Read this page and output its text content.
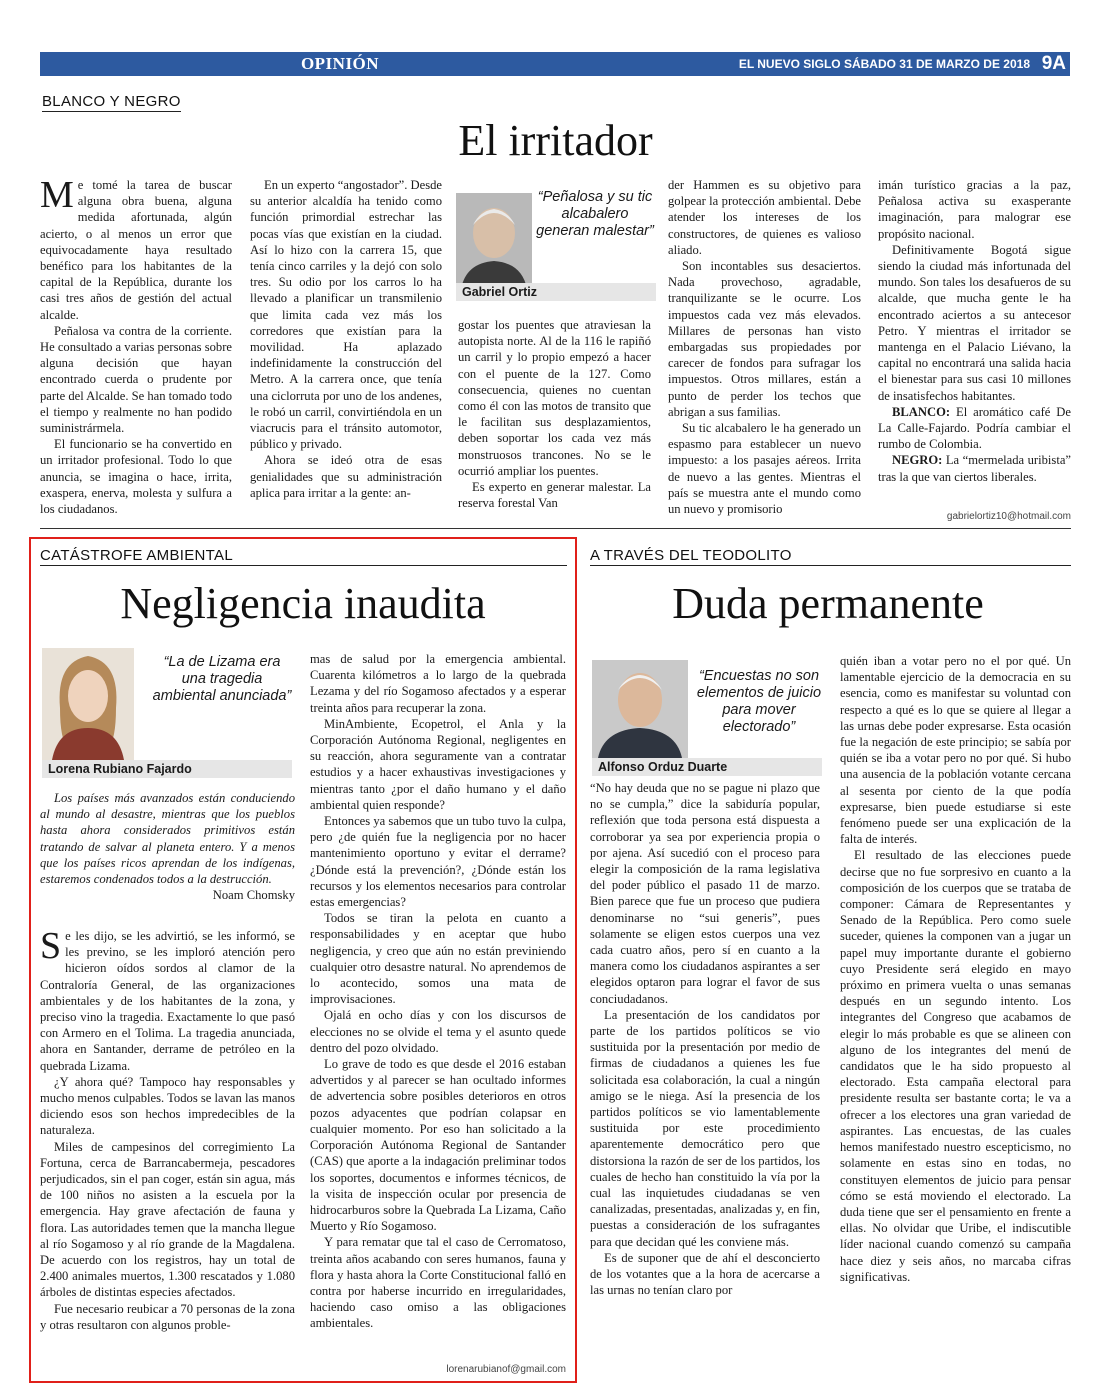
OPINIÓN	EL NUEVO SIGLO SÁBADO 31 DE MARZO DE 2018 9A
BLANCO Y NEGRO
El irritador

Me tomé la tarea de buscar alguna obra buena, alguna medida afortunada, algún acierto, o al menos un error que equivocadamente haya resultado benéfico para los habitantes de la capital de la República, durante los casi tres años de gestión del actual alcalde.

Peñalosa va contra de la corriente. He consultado a varias personas sobre alguna decisión que hayan encontrado cuerda o prudente por parte del Alcalde. Se han tomado todo el tiempo y realmente no han podido suministrármela.

El funcionario se ha convertido en un irritador profesional. Todo lo que anuncia, se imagina o hace, irrita, exaspera, enerva, molesta y sulfura a los ciudadanos.

En un experto “angostador”. Desde su anterior alcaldía ha tenido como función primordial estrechar las pocas vías que existían en la ciudad. Así lo hizo con la carrera 15, que tenía cinco carriles y la dejó con solo tres. Su odio por los carros lo ha llevado a planificar un transmilenio que limita cada vez más los corredores que existían para la movilidad. Ha aplazado indefinidamente la construcción del Metro. A la carrera once, que tenía una ciclorruta por uno de los andenes, le robó un carril, convirtiéndola en un viacrucis para el tránsito automotor, público y privado.

Ahora se ideó otra de esas genialidades que su administración aplica para irritar a la gente: an-

“Peñalosa y su tic alcabalero generan malestar”
Gabriel Ortiz

gostar los puentes que atraviesan la autopista norte. Al de la 116 le rapiñó un carril y lo propio empezó a hacer con el puente de la 127. Como consecuencia, quienes no cuentan como él con las motos de transito que le facilitan sus desplazamientos, deben soportar los cada vez más monstruosos trancones. No se le ocurrió ampliar los puentes.

Es experto en generar malestar. La reserva forestal Van

der Hammen es su objetivo para golpear la protección ambiental. Debe atender los intereses de los constructores, de quienes es valioso aliado.

Son incontables sus desaciertos. Nada provechoso, agradable, tranquilizante se le ocurre. Los impuestos cada vez más elevados. Millares de personas han visto embargadas sus propiedades por carecer de fondos para sufragar los impuestos. Otros millares, están a punto de perder los techos que abrigan a sus familias.

Su tic alcabalero le ha generado un espasmo para establecer un nuevo impuesto: a los pasajes aéreos. Irrita de nuevo a las gentes. Mientras el país se muestra ante el mundo como un nuevo y promisorio

imán turístico gracias a la paz, Peñalosa activa su exasperante imaginación, para malograr ese propósito nacional.

Definitivamente Bogotá sigue siendo la ciudad más infortunada del mundo. Son tales los desafueros de su alcalde, que mucha gente le ha encontrado aciertos a su antecesor Petro. Y mientras el irritador se mantenga en el Palacio Liévano, la capital no encontrará una salida hacia el bienestar para sus casi 10 millones de insatisfechos habitantes.

BLANCO: El aromático café De La Calle-Fajardo. Podría cambiar el rumbo de Colombia.

NEGRO: La “mermelada uribista” tras la que van ciertos liberales.

gabrielortiz10@hotmail.com
CATÁSTROFE AMBIENTAL
Negligencia inaudita
“La de Lizama era una tragedia ambiental anunciada”
Lorena Rubiano Fajardo

Los países más avanzados están conduciendo al mundo al desastre, mientras que los pueblos hasta ahora considerados primitivos están tratando de salvar al planeta entero. Y a menos que los países ricos aprendan de los indígenas, estaremos condenados todos a la destrucción.

Noam Chomsky

Se les dijo, se les advirtió, se les informó, se les previno, se les imploró atención pero hicieron oídos sordos al clamor de la Contraloría General, de las organizaciones ambientales y de los habitantes de la zona, y preciso vino la tragedia. Exactamente lo que pasó con Armero en el Tolima. La tragedia anunciada, ahora en Santander, derrame de petróleo en la quebrada Lizama.

¿Y ahora qué? Tampoco hay responsables y mucho menos culpables. Todos se lavan las manos diciendo esos son hechos impredecibles de la naturaleza.

Miles de campesinos del corregimiento La Fortuna, cerca de Barrancabermeja, pescadores perjudicados, sin el pan coger, están sin agua, más de 100 niños no asisten a la escuela por la emergencia. Hay grave afectación de fauna y flora. Las autoridades temen que la mancha llegue al río Sogamoso y al río grande de la Magdalena. De acuerdo con los registros, hay un total de 2.400 animales muertos, 1.300 rescatados y 1.080 árboles de distintas especies afectados.

Fue necesario reubicar a 70 personas de la zona y otras resultaron con algunos proble-

mas de salud por la emergencia ambiental. Cuarenta kilómetros a lo largo de la quebrada Lezama y del río Sogamoso afectados y a esperar treinta años para recuperar la zona.

MinAmbiente, Ecopetrol, el Anla y la Corporación Autónoma Regional, negligentes en su reacción, ahora seguramente van a contratar estudios y a hacer exhaustivas investigaciones y mientras tanto ¿por el daño humano y el daño ambiental quien responde?

Entonces ya sabemos que un tubo tuvo la culpa, pero ¿de quién fue la negligencia por no hacer mantenimiento oportuno y evitar el derrame? ¿Dónde está la prevención?, ¿Dónde están los recursos y los elementos necesarios para controlar estas emergencias?

Todos se tiran la pelota en cuanto a responsabilidades y en aceptar que hubo negligencia, y creo que aún no están previniendo cualquier otro desastre natural. No aprendemos de lo acontecido, somos una mata de improvisaciones.

Ojalá en ocho días y con los discursos de elecciones no se olvide el tema y el asunto quede dentro del pozo olvidado.

Lo grave de todo es que desde el 2016 estaban advertidos y al parecer se han ocultado informes de advertencia sobre posibles deterioros en otros pozos adyacentes que podrían colapsar en cualquier momento. Por eso han solicitado a la Corporación Autónoma Regional de Santander (CAS) que aporte a la indagación preliminar todos los soportes, documentos e informes técnicos, de la visita de inspección ocular por presencia de hidrocarburos sobre la Quebrada La Lizama, Caño Muerto y Río Sogamoso.

Y para rematar que tal el caso de Cerromatoso, treinta años acabando con seres humanos, fauna y flora y hasta ahora la Corte Constitucional falló en contra por haberse incurrido en irregularidades, haciendo caso omiso a las obligaciones ambientales.

lorenarubianof@gmail.com
A TRAVÉS DEL TEODOLITO
Duda permanente
“Encuestas no son elementos de juicio para mover electorado”
Alfonso Orduz Duarte

“No hay deuda que no se pague ni plazo que no se cumpla,” dice la sabiduría popular, reflexión que toda persona está dispuesta a corroborar ya sea por experiencia propia o por ajena. Así sucedió con el proceso para elegir la composición de la rama legislativa del poder público el pasado 11 de marzo. Bien parece que fue un proceso que pudiera denominarse no “sui generis”, pues solamente se eligen estos cuerpos una vez cada cuatro años, pero sí en cuanto a la manera como los ciudadanos aspirantes a ser elegidos optaron para lograr el favor de sus conciudadanos.

La presentación de los candidatos por parte de los partidos políticos se vio sustituida por la presentación por medio de firmas de ciudadanos a quienes les fue solicitada esa colaboración, la cual a ningún amigo se le niega. Así la presencia de los partidos políticos se vio lamentablemente sustituida por este procedimiento aparentemente democrático pero que distorsiona la razón de ser de los partidos, los cuales de hecho han constituido la vía por la cual las inquietudes ciudadanas se ven canalizadas, presentadas, analizadas y, en fin, puestas a consideración de los sufragantes para que decidan qué les conviene más.

Es de suponer que de ahí el desconcierto de los votantes que a la hora de acercarse a las urnas no tenían claro por

quién iban a votar pero no el por qué. Un lamentable ejercicio de la democracia en su esencia, como es manifestar su voluntad con respecto a qué es lo que se quiere al llegar a las urnas debe poder expresarse. Esta ocasión fue la negación de este principio; se sabía por quién se iba a votar pero no por qué. Si hubo una ausencia de la población votante cercana al sesenta por ciento de la que podía expresarse, bien puede estudiarse si este fenómeno puede ser una explicación de la falta de interés.

El resultado de las elecciones puede decirse que no fue sorpresivo en cuanto a la composición de los cuerpos que se trataba de componer: Cámara de Representantes y Senado de la República. Pero como suele suceder, quienes la componen van a jugar un papel muy importante durante el gobierno cuyo Presidente será elegido en mayo próximo en primera vuelta o unas semanas después en un segundo intento. Los integrantes del Congreso que acabamos de elegir lo más probable es que se alineen con alguno de los integrantes del menú de candidatos que le ha sido propuesto al electorado. Esta campaña electoral para presidente resulta ser bastante corta; le va a ofrecer a los electores una gran variedad de aspirantes. Las encuestas, de las cuales hemos manifestado nuestro escepticismo, no solamente en estas sino en todas, no constituyen elementos de juicio para pensar cómo se está moviendo el electorado. La duda tiene que ser el pensamiento en frente a ellas. No olvidar que Uribe, el indiscutible líder nacional cuando comenzó su campaña hace diez y seis años, no marcaba cifras significativas.
